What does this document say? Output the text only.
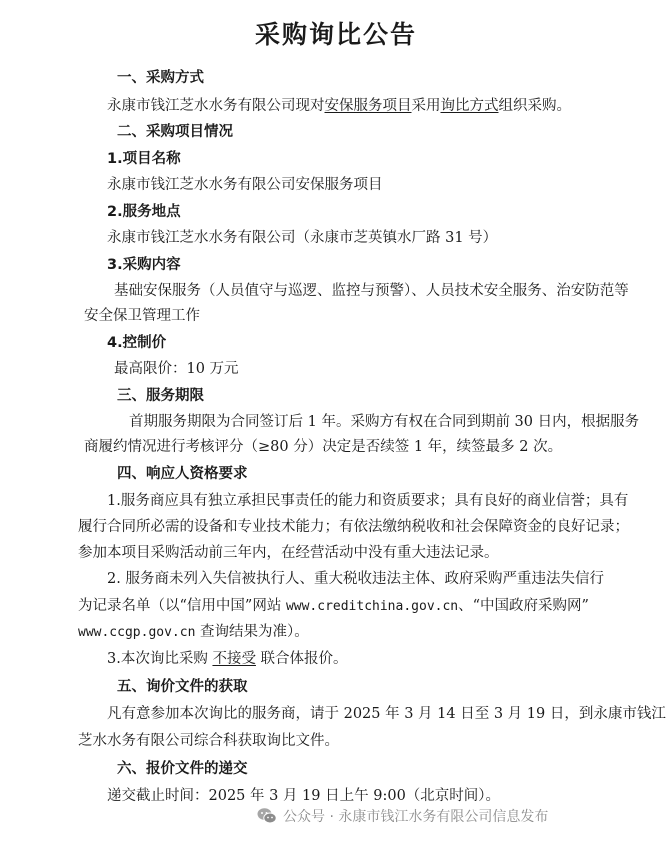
采购询比公告
一、采购方式
永康市钱江芝水水务有限公司现对安保服务项目采用询比方式组织采购。
二、采购项目情况
1.项目名称
永康市钱江芝水水务有限公司安保服务项目
2.服务地点
永康市钱江芝水水务有限公司（永康市芝英镇水厂路 31 号）
3.采购内容
基础安保服务（人员值守与巡逻、监控与预警）、人员技术安全服务、治安防范等
安全保卫管理工作
4.控制价
最高限价：10 万元
三、服务期限
首期服务期限为合同签订后 1 年。采购方有权在合同到期前 30 日内，根据服务
商履约情况进行考核评分（≥80 分）决定是否续签 1 年，续签最多 2 次。
四、响应人资格要求
1.服务商应具有独立承担民事责任的能力和资质要求；具有良好的商业信誉；具有
履行合同所必需的设备和专业技术能力；有依法缴纳税收和社会保障资金的良好记录；
参加本项目采购活动前三年内，在经营活动中没有重大违法记录。
2. 服务商未列入失信被执行人、重大税收违法主体、政府采购严重违法失信行
为记录名单（以“信用中国”网站 www.creditchina.gov.cn、“中国政府采购网”
www.ccgp.gov.cn 查询结果为准）。
3.本次询比采购 不接受 联合体报价。
五、询价文件的获取
凡有意参加本次询比的服务商，请于 2025 年 3 月 14 日至 3 月 19 日，到永康市钱江
芝水水务有限公司综合科获取询比文件。
六、报价文件的递交
递交截止时间：2025 年 3 月 19 日上午 9:00（北京时间）。
公众号 · 永康市钱江水务有限公司信息发布
